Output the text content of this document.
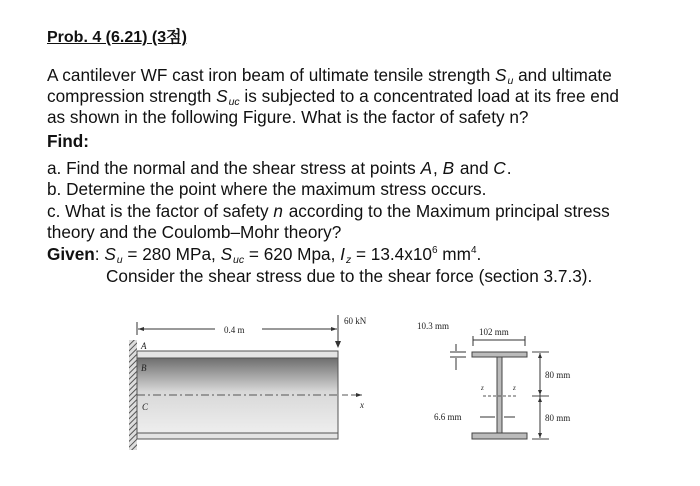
Prob. 4 (6.21) (3점)
A cantilever WF cast iron beam of ultimate tensile strength $S_u$ and ultimate
compression strength $S_{uc}$ is subjected to a concentrated load at its free end
as shown in the following Figure. What is the factor of safety n?
Find:
a. Find the normal and the shear stress at points A, B and C.
b. Determine the point where the maximum stress occurs.
c. What is the factor of safety n according to the Maximum principal stress
theory and the Coulomb–Mohr theory?
Given: $S_u = 280$ MPa, $S_{uc} = 620$ Mpa, $I_z = 13.4x10^6$ $mm^4$.
Consider the shear stress due to the shear force (section 3.7.3).
0.4 m
60 kN
A
B
C	x
10.3 mm
102 mm
80 mm
80 mm
6.6 mm
z	z
